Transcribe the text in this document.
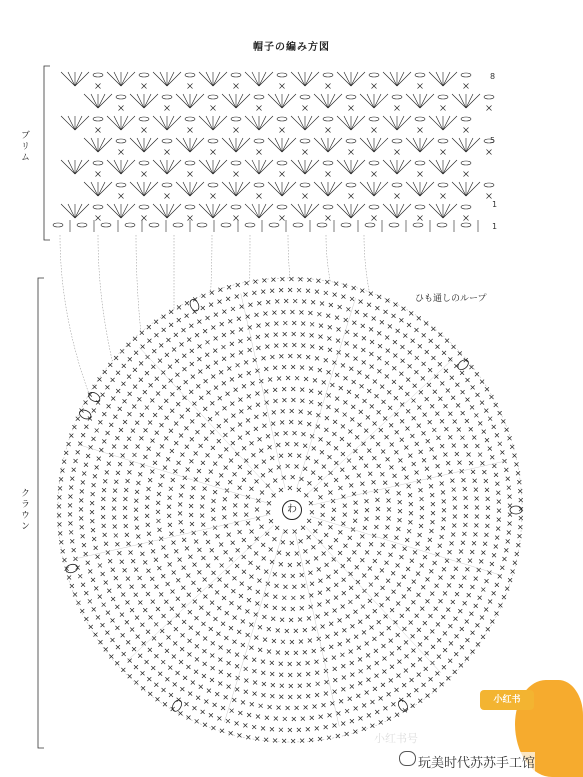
帽子の編み方図
ブリム
クラウン
8
5
1
1
ひも通しのループ
わ
小红书
小红书号
玩美时代苏苏手工馆
